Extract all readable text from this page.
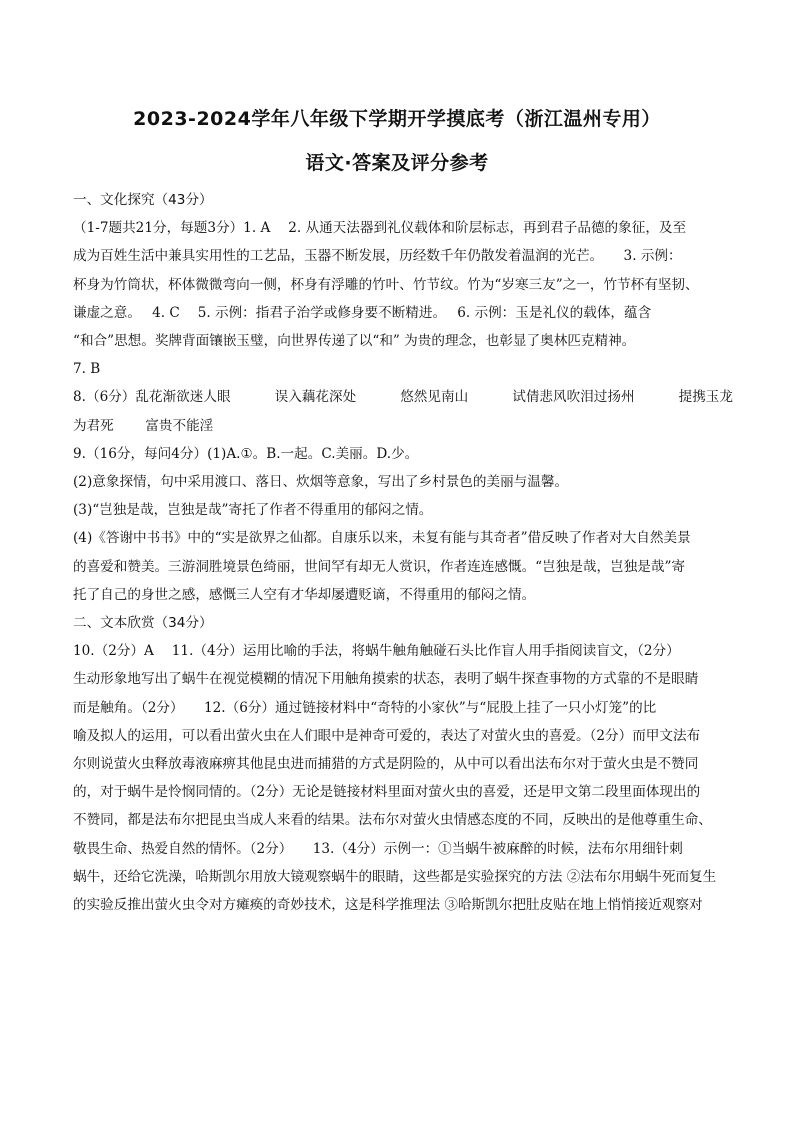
2023-2024学年八年级下学期开学摸底考（浙江温州专用）
语文·答案及评分参考

一、文化探究（43分）

（1-7题共21分，每题3分）1. A　 2. 从通天法器到礼仪载体和阶层标志，再到君子品德的象征，及至

成为百姓生活中兼具实用性的工艺品，玉器不断发展，历经数千年仍散发着温润的光芒。　　3. 示例：

杯身为竹筒状，杯体微微弯向一侧，杯身有浮雕的竹叶、竹节纹。竹为“岁寒三友”之一，竹节杯有坚韧、

谦虚之意。　 4. C　 5. 示例：指君子治学或修身要不断精进。　 6. 示例：玉是礼仪的载体，蕴含

“和合”思想。奖牌背面镶嵌玉璧，向世界传递了以“和” 为贵的理念，也彰显了奥林匹克精神。

7. B

8.（6分）乱花渐欲迷人眼	误入藕花深处	悠然见南山	试倩悲风吹泪过扬州	提携玉龙

为君死　　 富贵不能淫

9.（16分，每问4分）(1)A.①。B.一起。C.美丽。D.少。

(2)意象探情，句中采用渡口、落日、炊烟等意象，写出了乡村景色的美丽与温馨。

(3)“岂独是哉，岂独是哉”寄托了作者不得重用的郁闷之情。

(4)《答谢中书书》中的“实是欲界之仙都。自康乐以来，未复有能与其奇者”借反映了作者对大自然美景

的喜爱和赞美。三游洞胜境景色绮丽，世间罕有却无人赏识，作者连连感慨。“岂独是哉，岂独是哉”寄

托了自己的身世之感，感慨三人空有才华却屡遭贬谪，不得重用的郁闷之情。

二、文本欣赏（34分）

10.（2分）A　 11.（4分）运用比喻的手法，将蜗牛触角触碰石头比作盲人用手指阅读盲文，（2分）

生动形象地写出了蜗牛在视觉模糊的情况下用触角摸索的状态，表明了蜗牛探查事物的方式靠的不是眼睛

而是触角。（2分）　　12.（6分）通过链接材料中“奇特的小家伙”与“屁股上挂了一只小灯笼”的比

喻及拟人的运用，可以看出萤火虫在人们眼中是神奇可爱的，表达了对萤火虫的喜爱。（2分）而甲文法布

尔则说萤火虫释放毒液麻痹其他昆虫进而捕猎的方式是阴险的，从中可以看出法布尔对于萤火虫是不赞同

的，对于蜗牛是怜悯同情的。（2分）无论是链接材料里面对萤火虫的喜爱，还是甲文第二段里面体现出的

不赞同，都是法布尔把昆虫当成人来看的结果。法布尔对萤火虫情感态度的不同，反映出的是他尊重生命、

敬畏生命、热爱自然的情怀。（2分）　　13.（4分）示例一：①当蜗牛被麻醉的时候，法布尔用细针刺

蜗牛，还给它洗澡，哈斯凯尔用放大镜观察蜗牛的眼睛，这些都是实验探究的方法 ②法布尔用蜗牛死而复生

的实验反推出萤火虫令对方瘫痪的奇妙技术，这是科学推理法 ③哈斯凯尔把肚皮贴在地上悄悄接近观察对
